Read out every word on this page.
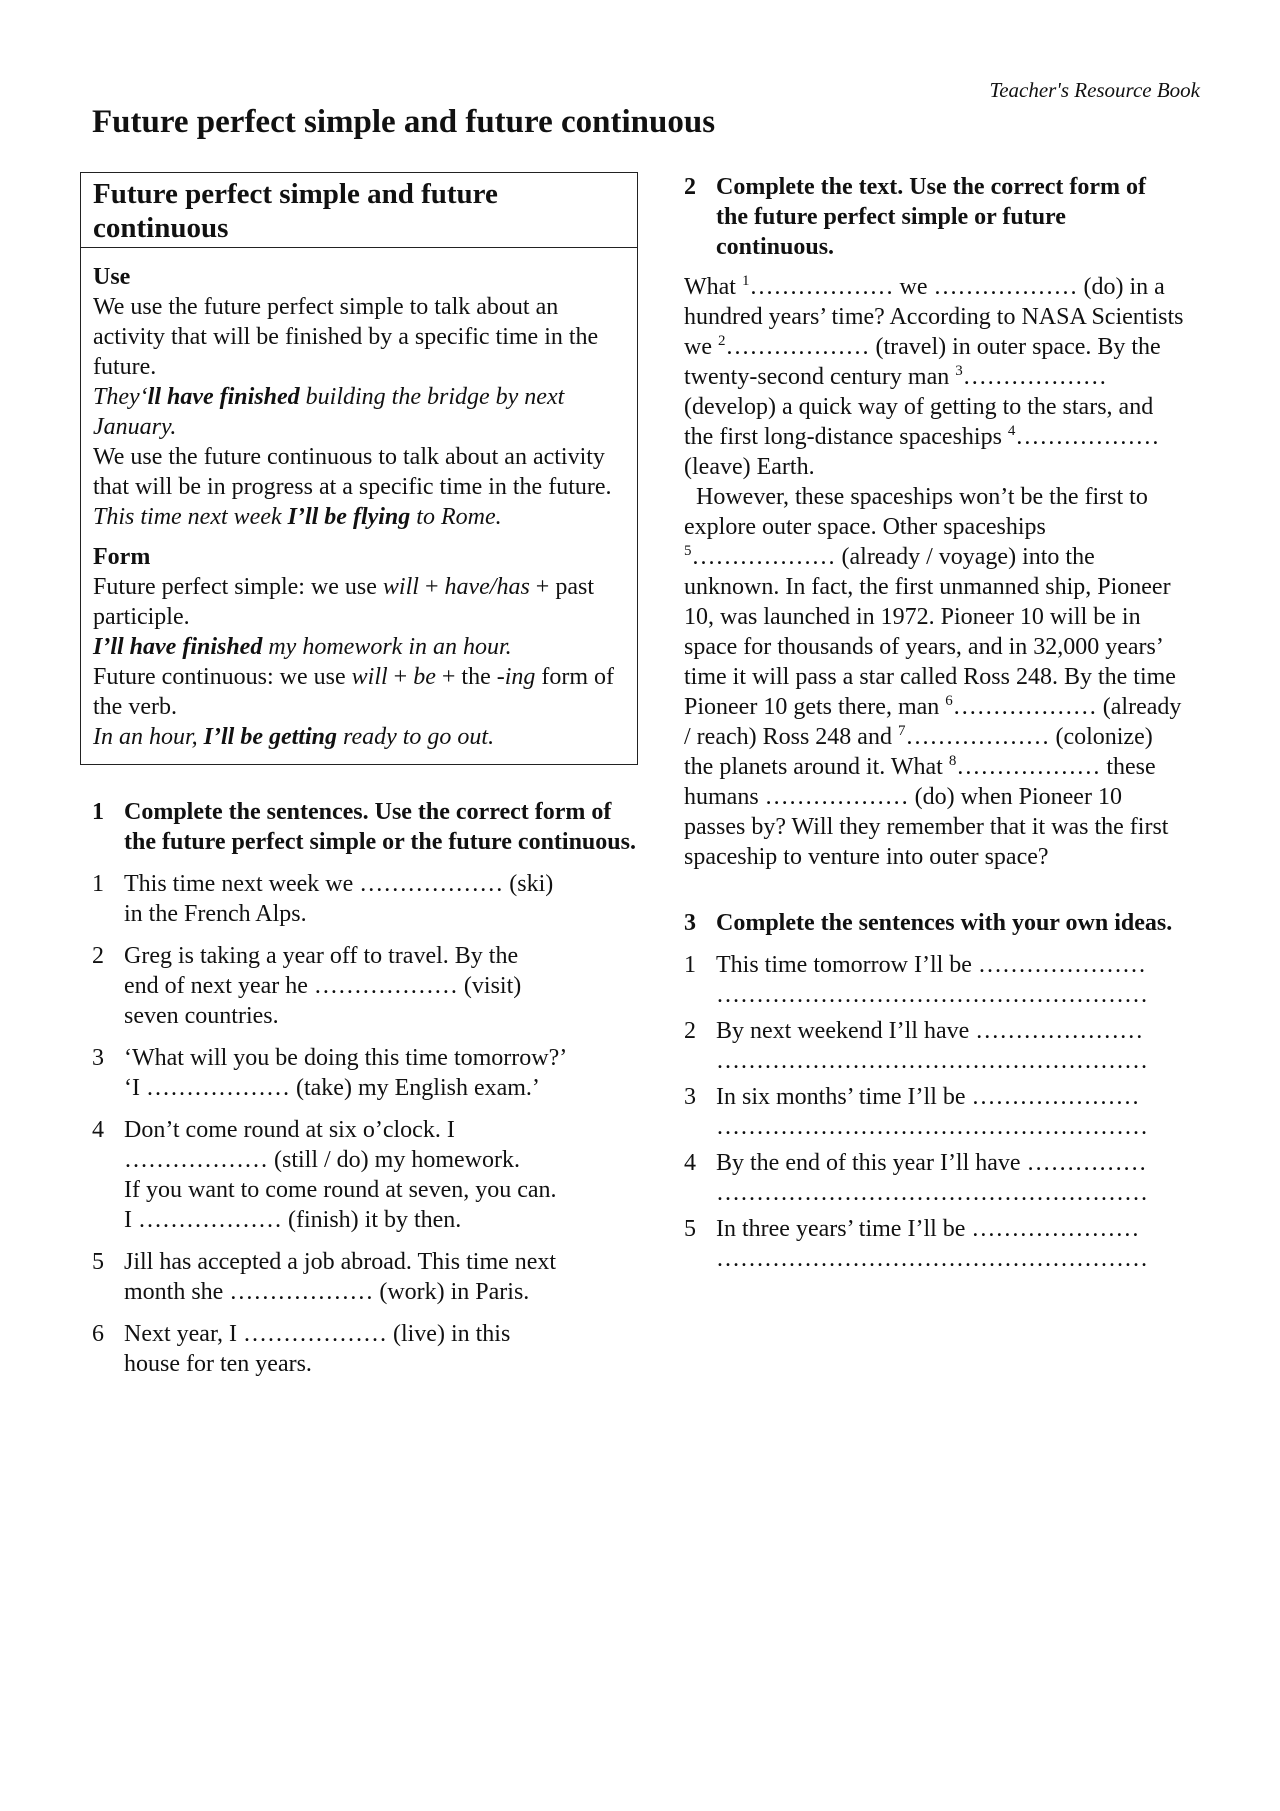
Teacher's Resource Book
Future perfect simple and future continuous
Future perfect simple and future continuous
Use
We use the future perfect simple to talk about an activity that will be finished by a specific time in the future.
They‘ll have finished building the bridge by next January.
We use the future continuous to talk about an activity that will be in progress at a specific time in the future.
This time next week I’ll be flying to Rome.
Form
Future perfect simple: we use will + have/has + past participle.
I’ll have finished my homework in an hour.
Future continuous: we use will + be + the -ing form of the verb.
In an hour, I’ll be getting ready to go out.
1 Complete the sentences. Use the correct form of the future perfect simple or the future continuous.
1 This time next week we ……………… (ski)
in the French Alps.
2 Greg is taking a year off to travel. By the
end of next year he ……………… (visit)
seven countries.
3 ‘What will you be doing this time tomorrow?’
‘I ……………… (take) my English exam.’
4 Don’t come round at six o’clock. I
……………… (still / do) my homework.
If you want to come round at seven, you can.
I ……………… (finish) it by then.
5 Jill has accepted a job abroad. This time next
month she ……………… (work) in Paris.
6 Next year, I ……………… (live) in this
house for ten years.
2 Complete the text. Use the correct form of the future perfect simple or future continuous.
What $^1$……………… we ……………… (do) in a hundred years’ time? According to NASA Scientists we $^2$……………… (travel) in outer space. By the twenty-second century man $^3$……………… (develop) a quick way of getting to the stars, and the first long-distance spaceships $^4$……………… (leave) Earth.
However, these spaceships won’t be the first to explore outer space. Other spaceships $^5$……………… (already / voyage) into the unknown. In fact, the first unmanned ship, Pioneer 10, was launched in 1972. Pioneer 10 will be in space for thousands of years, and in 32,000 years’ time it will pass a star called Ross 248. By the time Pioneer 10 gets there, man $^6$……………… (already / reach) Ross 248 and $^7$……………… (colonize) the planets around it. What $^8$……………… these humans ……………… (do) when Pioneer 10 passes by? Will they remember that it was the first spaceship to venture into outer space?
3 Complete the sentences with your own ideas.
1 This time tomorrow I’ll be …………………
………………………………………………
2 By next weekend I’ll have …………………
………………………………………………
3 In six months’ time I’ll be …………………
………………………………………………
4 By the end of this year I’ll have ……………
………………………………………………
5 In three years’ time I’ll be …………………
………………………………………………
